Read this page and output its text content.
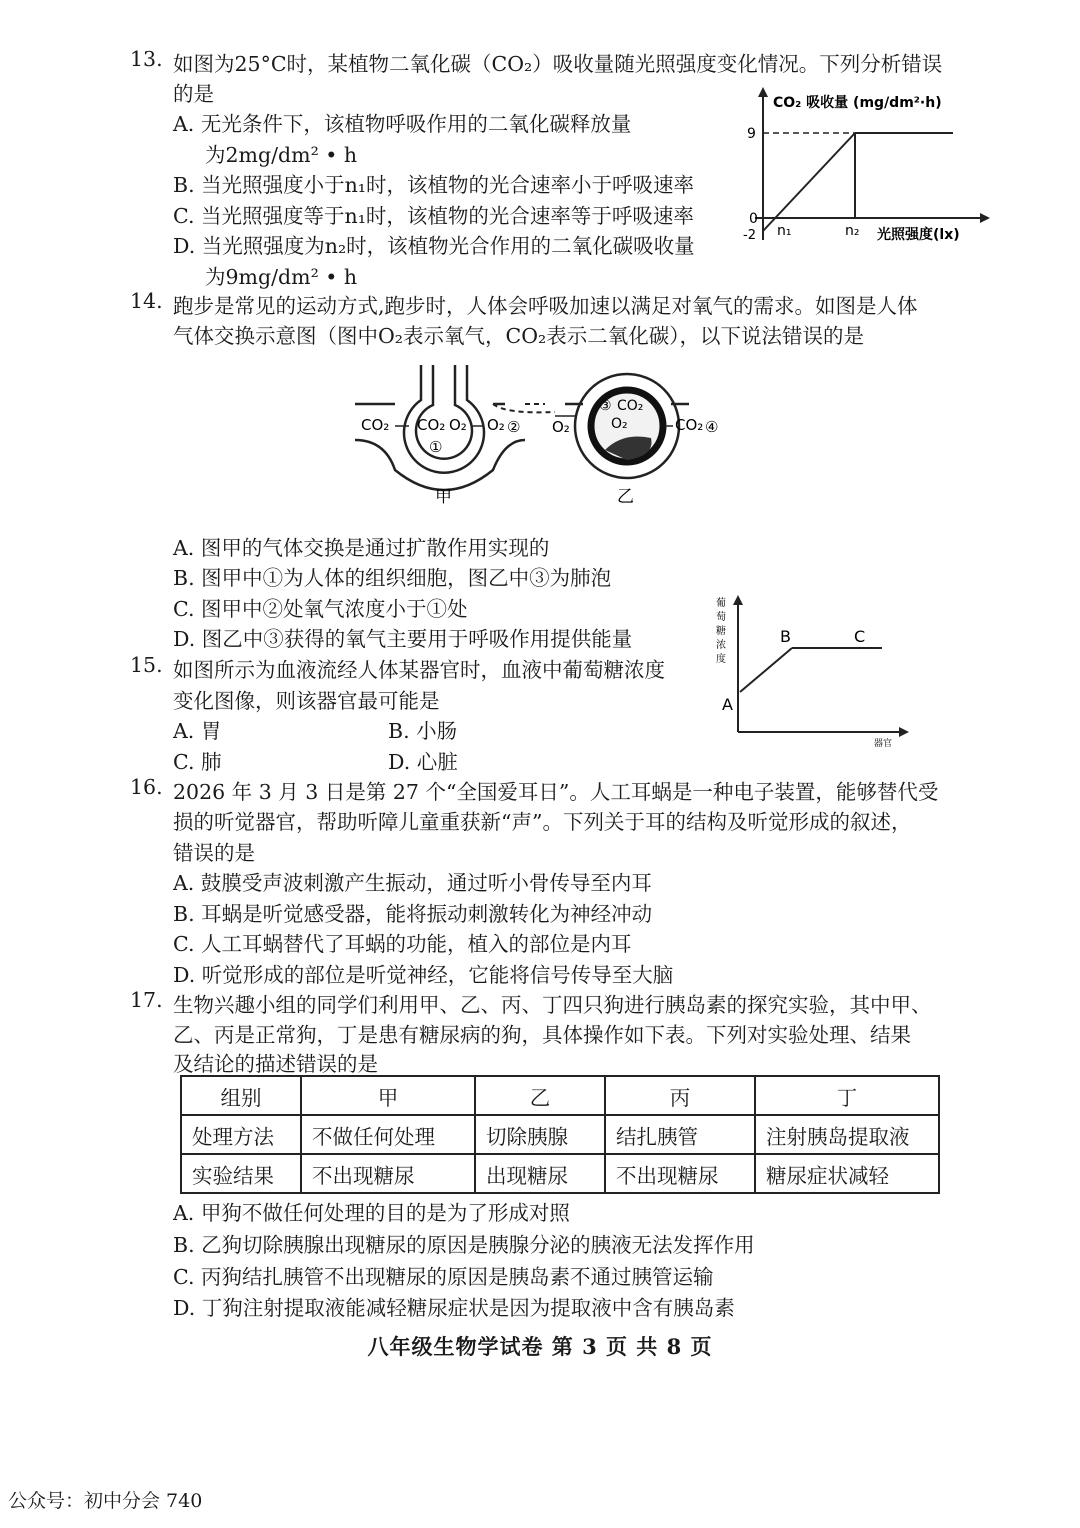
13. 如图为25°C时，某植物二氧化碳（CO₂）吸收量随光照强度变化情况。下列分析错误
的是
A. 无光条件下，该植物呼吸作用的二氧化碳释放量
为2mg/dm² • h
B. 当光照强度小于n₁时，该植物的光合速率小于呼吸速率
C. 当光照强度等于n₁时，该植物的光合速率等于呼吸速率
D. 当光照强度为n₂时，该植物光合作用的二氧化碳吸收量
为9mg/dm² • h
CO₂ 吸收量 (mg/dm²·h)
9
0
-2 n₁	n₂ 光照强度(lx)
14. 跑步是常见的运动方式,跑步时，人体会呼吸加速以满足对氧气的需求。如图是人体
气体交换示意图（图中O₂表示氧气，CO₂表示二氧化碳），以下说法错误的是
CO₂ CO₂ O₂
①
O₂ ②
甲
O₂
③ CO₂
O₂	CO₂ ④
乙
A. 图甲的气体交换是通过扩散作用实现的
B. 图甲中①为人体的组织细胞，图乙中③为肺泡
C. 图甲中②处氧气浓度小于①处
D. 图乙中③获得的氧气主要用于呼吸作用提供能量
15. 如图所示为血液流经人体某器官时，血液中葡萄糖浓度
变化图像，则该器官最可能是
A. 胃	B. 小肠
C. 肺	D. 心脏
葡
萄
糖
浓
度
A
B	C
器官
16. 2026 年 3 月 3 日是第 27 个“全国爱耳日”。人工耳蜗是一种电子装置，能够替代受
损的听觉器官，帮助听障儿童重获新“声”。下列关于耳的结构及听觉形成的叙述，
错误的是
A. 鼓膜受声波刺激产生振动，通过听小骨传导至内耳
B. 耳蜗是听觉感受器，能将振动刺激转化为神经冲动
C. 人工耳蜗替代了耳蜗的功能，植入的部位是内耳
D. 听觉形成的部位是听觉神经，它能将信号传导至大脑
17. 生物兴趣小组的同学们利用甲、乙、丙、丁四只狗进行胰岛素的探究实验，其中甲、
乙、丙是正常狗，丁是患有糖尿病的狗，具体操作如下表。下列对实验处理、结果
及结论的描述错误的是
组别	甲	乙	丙	丁
处理方法	不做任何处理	切除胰腺	结扎胰管	注射胰岛提取液
实验结果	不出现糖尿	出现糖尿	不出现糖尿	糖尿症状减轻
A. 甲狗不做任何处理的目的是为了形成对照
B. 乙狗切除胰腺出现糖尿的原因是胰腺分泌的胰液无法发挥作用
C. 丙狗结扎胰管不出现糖尿的原因是胰岛素不通过胰管运输
D. 丁狗注射提取液能减轻糖尿症状是因为提取液中含有胰岛素
八年级生物学试卷 第 3 页 共 8 页
公众号：初中分会 740
